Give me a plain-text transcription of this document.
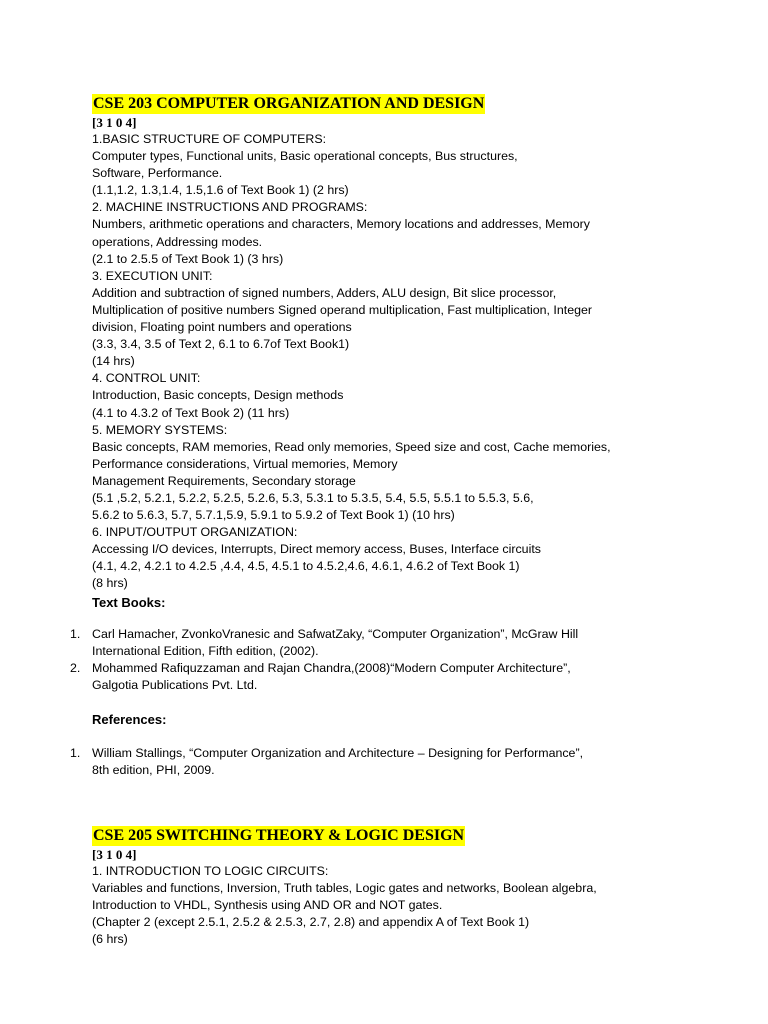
CSE 203 COMPUTER ORGANIZATION AND DESIGN
[3 1 0 4]
1.BASIC STRUCTURE OF COMPUTERS:
Computer types, Functional units, Basic operational concepts, Bus structures,
Software, Performance.
(1.1,1.2, 1.3,1.4, 1.5,1.6 of Text Book 1) (2 hrs)
2. MACHINE INSTRUCTIONS AND PROGRAMS:
Numbers, arithmetic operations and characters, Memory locations and addresses, Memory
operations, Addressing modes.
(2.1 to 2.5.5 of Text Book 1) (3 hrs)
3. EXECUTION UNIT:
Addition and subtraction of signed numbers, Adders, ALU design, Bit slice processor,
Multiplication of positive numbers Signed operand multiplication, Fast multiplication, Integer
division, Floating point numbers and operations
(3.3, 3.4, 3.5 of Text 2, 6.1 to 6.7of Text Book1)
(14 hrs)
4. CONTROL UNIT:
Introduction, Basic concepts, Design methods
(4.1 to 4.3.2 of Text Book 2) (11 hrs)
5. MEMORY SYSTEMS:
Basic concepts, RAM memories, Read only memories, Speed size and cost, Cache memories,
Performance considerations, Virtual memories, Memory
Management Requirements, Secondary storage
(5.1 ,5.2, 5.2.1, 5.2.2, 5.2.5, 5.2.6, 5.3, 5.3.1 to 5.3.5, 5.4, 5.5, 5.5.1 to 5.5.3, 5.6,
5.6.2 to 5.6.3, 5.7, 5.7.1,5.9, 5.9.1 to 5.9.2 of Text Book 1) (10 hrs)
6. INPUT/OUTPUT ORGANIZATION:
Accessing I/O devices, Interrupts, Direct memory access, Buses, Interface circuits
(4.1, 4.2, 4.2.1 to 4.2.5 ,4.4, 4.5, 4.5.1 to 4.5.2,4.6, 4.6.1, 4.6.2 of Text Book 1)
(8 hrs)
Text Books:
1. Carl Hamacher, ZvonkoVranesic and SafwatZaky, “Computer Organization”, McGraw Hill
International Edition, Fifth edition, (2002).
2. Mohammed Rafiquzzaman and Rajan Chandra,(2008)“Modern Computer Architecture”,
Galgotia Publications Pvt. Ltd.
References:
1. William Stallings, “Computer Organization and Architecture – Designing for Performance”,
8th edition, PHI, 2009.
CSE 205 SWITCHING THEORY & LOGIC DESIGN
[3 1 0 4]
1. INTRODUCTION TO LOGIC CIRCUITS:
Variables and functions, Inversion, Truth tables, Logic gates and networks, Boolean algebra,
Introduction to VHDL, Synthesis using AND OR and NOT gates.
(Chapter 2 (except 2.5.1, 2.5.2 & 2.5.3, 2.7, 2.8) and appendix A of Text Book 1)
(6 hrs)
